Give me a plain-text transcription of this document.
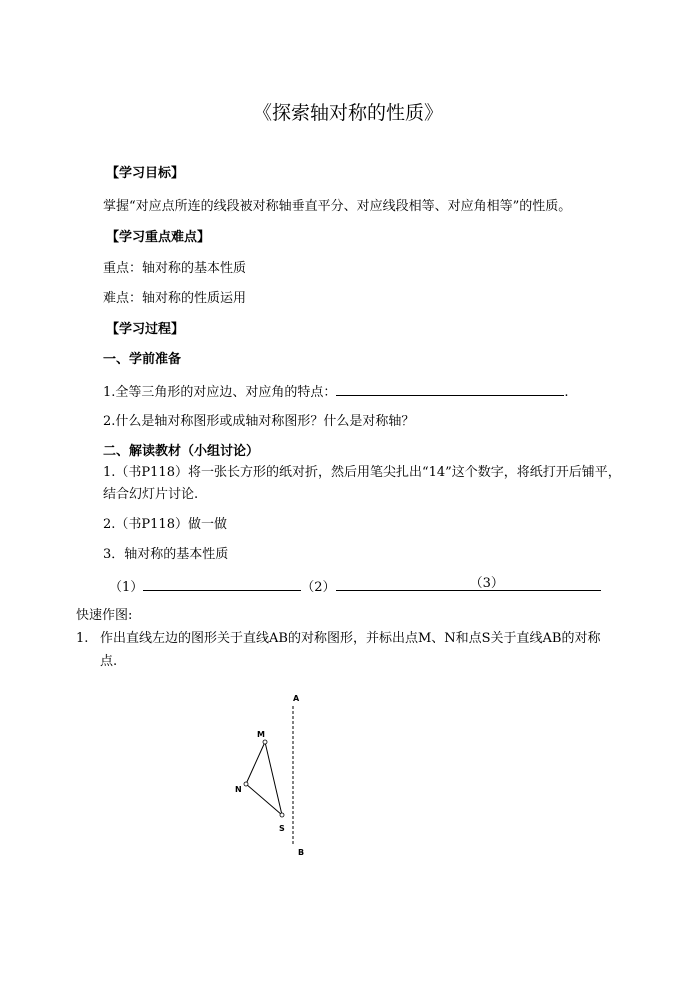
《探索轴对称的性质》
【学习目标】
掌握“对应点所连的线段被对称轴垂直平分、对应线段相等、对应角相等”的性质。
【学习重点难点】
重点：轴对称的基本性质
难点：轴对称的性质运用
【学习过程】
一、学前准备
1.全等三角形的对应边、对应角的特点：	.
2.什么是轴对称图形或成轴对称图形？什么是对称轴？
二、解读教材（小组讨论）
1.（书P118）将一张长方形的纸对折，然后用笔尖扎出“14”这个数字，将纸打开后铺平，
结合幻灯片讨论.
2.（书P118）做一做
3．轴对称的基本性质
（1）	（2）	（3）
快速作图:
1. 作出直线左边的图形关于直线AB的对称图形，并标出点M、N和点S关于直线AB的对称
点.
A
B
M
N
S
